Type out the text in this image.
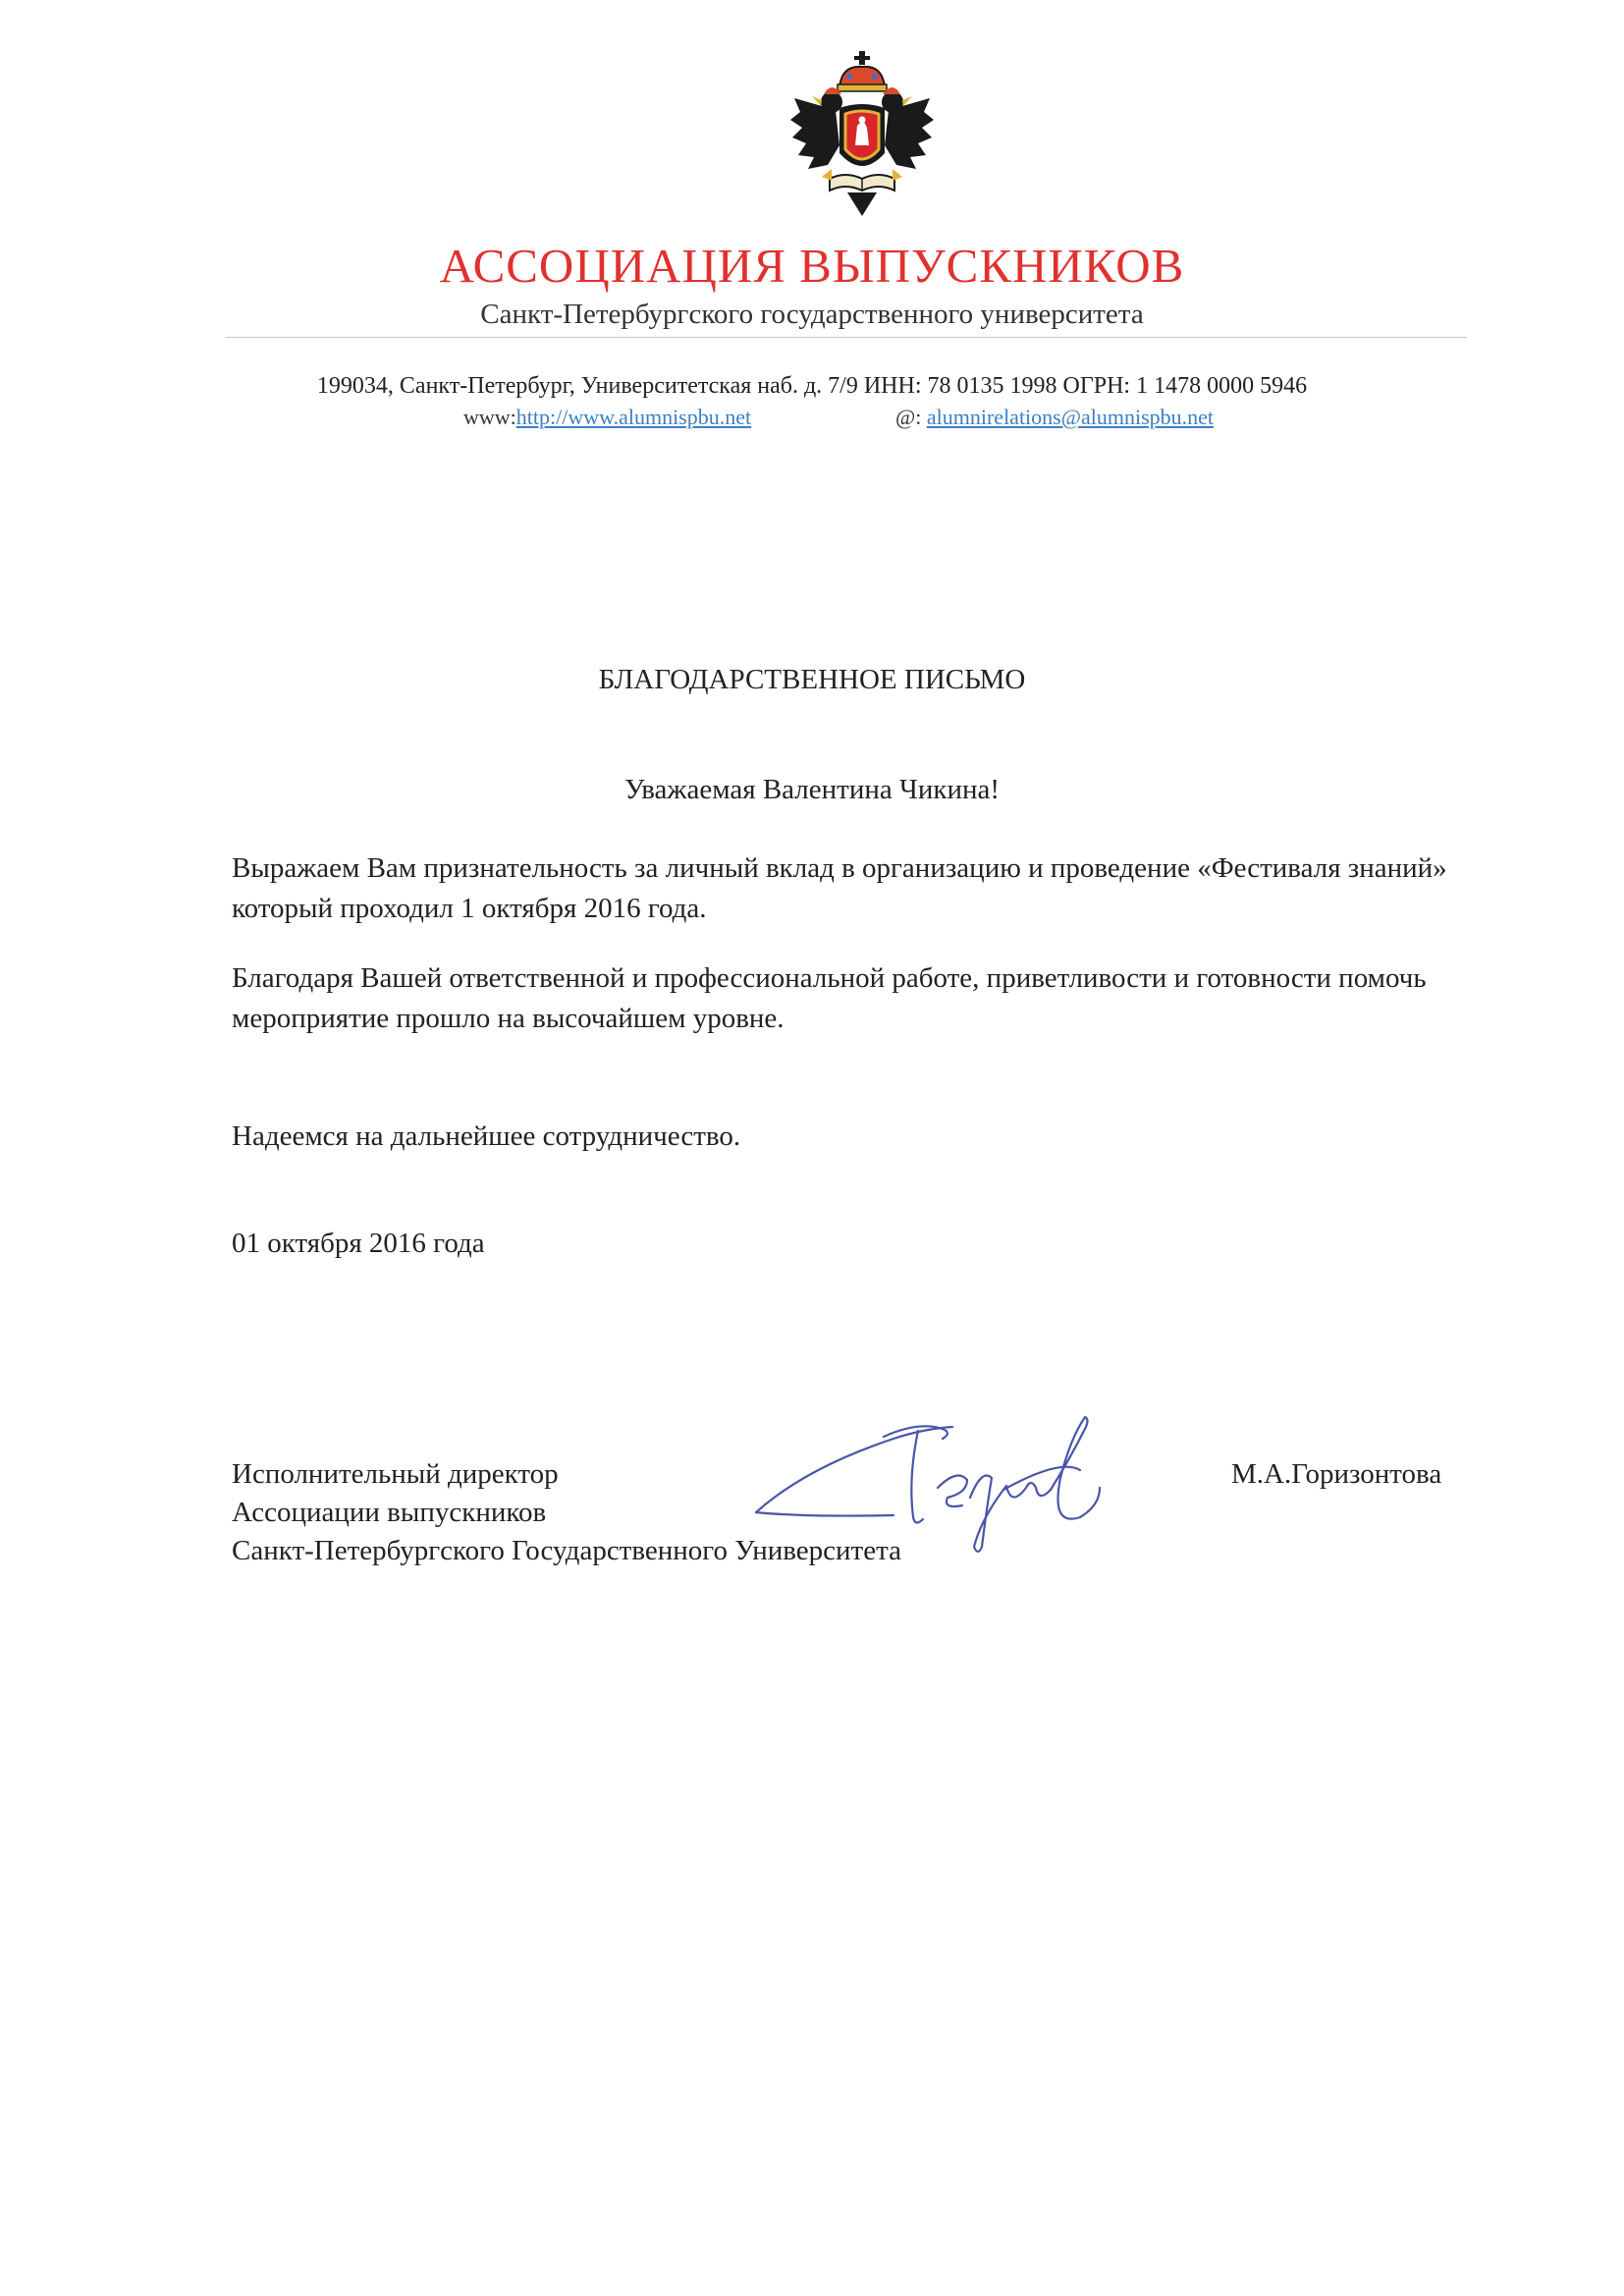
АССОЦИАЦИЯ ВЫПУСКНИКОВ
Санкт-Петербургского государственного университета
199034, Санкт-Петербург, Университетская наб. д. 7/9 ИНН: 78 0135 1998 ОГРН: 1 1478 0000 5946
www:http://www.alumnispbu.net	@: alumnirelations@alumnispbu.net
БЛАГОДАРСТВЕННОЕ ПИСЬМО
Уважаемая Валентина Чикина!
Выражаем Вам признательность за личный вклад в организацию и проведение «Фестиваля знаний» который проходил 1 октября 2016 года.
Благодаря Вашей ответственной и профессиональной работе, приветливости и готовности помочь мероприятие прошло на высочайшем уровне.
Надеемся на дальнейшее сотрудничество.
01 октября 2016 года
Исполнительный директор
Ассоциации выпускников
Санкт-Петербургского Государственного Университета
М.А.Горизонтова
